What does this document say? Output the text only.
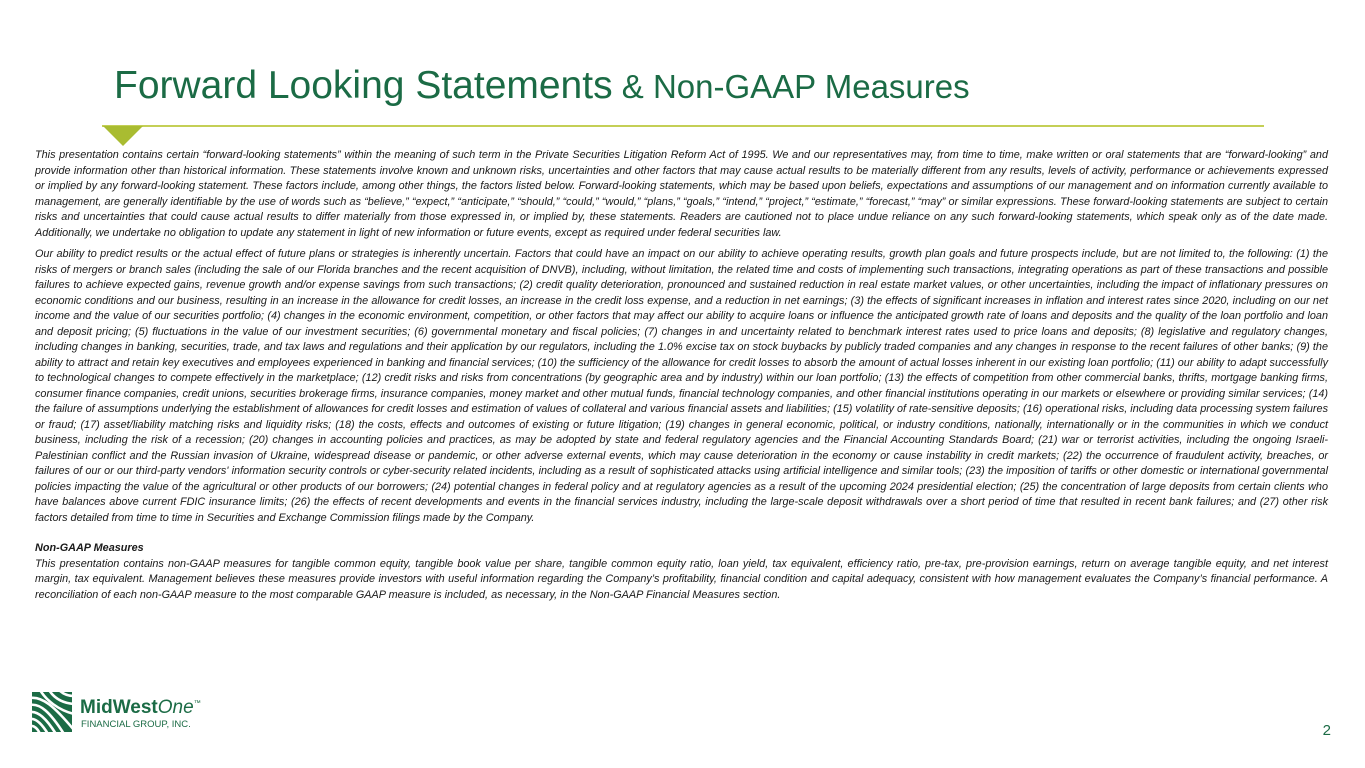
Forward Looking Statements & Non-GAAP Measures

This presentation contains certain “forward-looking statements” within the meaning of such term in the Private Securities Litigation Reform Act of 1995. We and our representatives may, from time to time, make written or oral statements that are “forward-looking” and provide information other than historical information. These statements involve known and unknown risks, uncertainties and other factors that may cause actual results to be materially different from any results, levels of activity, performance or achievements expressed or implied by any forward-looking statement. These factors include, among other things, the factors listed below. Forward-looking statements, which may be based upon beliefs, expectations and assumptions of our management and on information currently available to management, are generally identifiable by the use of words such as “believe,” “expect,” “anticipate,” “should,” “could,” “would,” “plans,” “goals,” “intend,” “project,” “estimate,” “forecast,” “may” or similar expressions. These forward-looking statements are subject to certain risks and uncertainties that could cause actual results to differ materially from those expressed in, or implied by, these statements. Readers are cautioned not to place undue reliance on any such forward-looking statements, which speak only as of the date made. Additionally, we undertake no obligation to update any statement in light of new information or future events, except as required under federal securities law.

Our ability to predict results or the actual effect of future plans or strategies is inherently uncertain. Factors that could have an impact on our ability to achieve operating results, growth plan goals and future prospects include, but are not limited to, the following: (1) the risks of mergers or branch sales (including the sale of our Florida branches and the recent acquisition of DNVB), including, without limitation, the related time and costs of implementing such transactions, integrating operations as part of these transactions and possible failures to achieve expected gains, revenue growth and/or expense savings from such transactions; (2) credit quality deterioration, pronounced and sustained reduction in real estate market values, or other uncertainties, including the impact of inflationary pressures on economic conditions and our business, resulting in an increase in the allowance for credit losses, an increase in the credit loss expense, and a reduction in net earnings; (3) the effects of significant increases in inflation and interest rates since 2020, including on our net income and the value of our securities portfolio; (4) changes in the economic environment, competition, or other factors that may affect our ability to acquire loans or influence the anticipated growth rate of loans and deposits and the quality of the loan portfolio and loan and deposit pricing; (5) fluctuations in the value of our investment securities; (6) governmental monetary and fiscal policies; (7) changes in and uncertainty related to benchmark interest rates used to price loans and deposits; (8) legislative and regulatory changes, including changes in banking, securities, trade, and tax laws and regulations and their application by our regulators, including the 1.0% excise tax on stock buybacks by publicly traded companies and any changes in response to the recent failures of other banks; (9) the ability to attract and retain key executives and employees experienced in banking and financial services; (10) the sufficiency of the allowance for credit losses to absorb the amount of actual losses inherent in our existing loan portfolio; (11) our ability to adapt successfully to technological changes to compete effectively in the marketplace; (12) credit risks and risks from concentrations (by geographic area and by industry) within our loan portfolio; (13) the effects of competition from other commercial banks, thrifts, mortgage banking firms, consumer finance companies, credit unions, securities brokerage firms, insurance companies, money market and other mutual funds, financial technology companies, and other financial institutions operating in our markets or elsewhere or providing similar services; (14) the failure of assumptions underlying the establishment of allowances for credit losses and estimation of values of collateral and various financial assets and liabilities; (15) volatility of rate-sensitive deposits; (16) operational risks, including data processing system failures or fraud; (17) asset/liability matching risks and liquidity risks; (18) the costs, effects and outcomes of existing or future litigation; (19) changes in general economic, political, or industry conditions, nationally, internationally or in the communities in which we conduct business, including the risk of a recession; (20) changes in accounting policies and practices, as may be adopted by state and federal regulatory agencies and the Financial Accounting Standards Board; (21) war or terrorist activities, including the ongoing Israeli-Palestinian conflict and the Russian invasion of Ukraine, widespread disease or pandemic, or other adverse external events, which may cause deterioration in the economy or cause instability in credit markets; (22) the occurrence of fraudulent activity, breaches, or failures of our or our third-party vendors' information security controls or cyber-security related incidents, including as a result of sophisticated attacks using artificial intelligence and similar tools; (23) the imposition of tariffs or other domestic or international governmental policies impacting the value of the agricultural or other products of our borrowers; (24) potential changes in federal policy and at regulatory agencies as a result of the upcoming 2024 presidential election; (25) the concentration of large deposits from certain clients who have balances above current FDIC insurance limits; (26) the effects of recent developments and events in the financial services industry, including the large-scale deposit withdrawals over a short period of time that resulted in recent bank failures; and (27) other risk factors detailed from time to time in Securities and Exchange Commission filings made by the Company.

Non-GAAP Measures

This presentation contains non-GAAP measures for tangible common equity, tangible book value per share, tangible common equity ratio, loan yield, tax equivalent, efficiency ratio, pre-tax, pre-provision earnings, return on average tangible equity, and net interest margin, tax equivalent. Management believes these measures provide investors with useful information regarding the Company’s profitability, financial condition and capital adequacy, consistent with how management evaluates the Company’s financial performance. A reconciliation of each non-GAAP measure to the most comparable GAAP measure is included, as necessary, in the Non-GAAP Financial Measures section.

MidWestOne™
FINANCIAL GROUP, INC.	2
